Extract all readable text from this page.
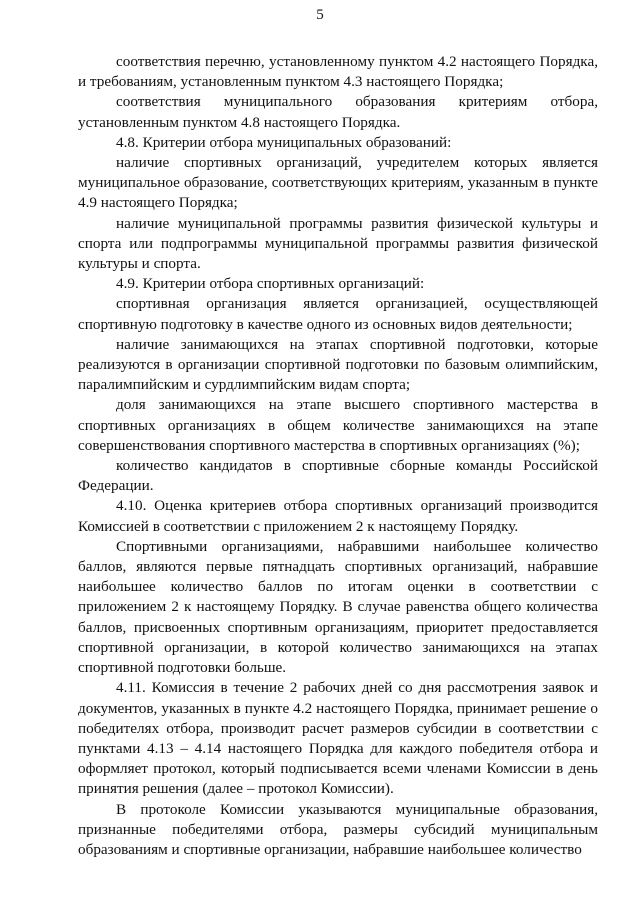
5

соответствия перечню, установленному пунктом 4.2 настоящего Порядка, и требованиям, установленным пунктом 4.3 настоящего Порядка;

соответствия муниципального образования критериям отбора, установленным пунктом 4.8 настоящего Порядка.

4.8. Критерии отбора муниципальных образований:

наличие спортивных организаций, учредителем которых является муниципальное образование, соответствующих критериям, указанным в пункте 4.9 настоящего Порядка;

наличие муниципальной программы развития физической культуры и спорта или подпрограммы муниципальной программы развития физической культуры и спорта.

4.9. Критерии отбора спортивных организаций:

спортивная организация является организацией, осуществляющей спортивную подготовку в качестве одного из основных видов деятельности;

наличие занимающихся на этапах спортивной подготовки, которые реализуются в организации спортивной подготовки по базовым олимпийским, паралимпийским и сурдлимпийским видам спорта;

доля занимающихся на этапе высшего спортивного мастерства в спортивных организациях в общем количестве занимающихся на этапе совершенствования спортивного мастерства в спортивных организациях (%);

количество кандидатов в спортивные сборные команды Российской Федерации.

4.10. Оценка критериев отбора спортивных организаций производится Комиссией в соответствии с приложением 2 к настоящему Порядку.

Спортивными организациями, набравшими наибольшее количество баллов, являются первые пятнадцать спортивных организаций, набравшие наибольшее количество баллов по итогам оценки в соответствии с приложением 2 к настоящему Порядку. В случае равенства общего количества баллов, присвоенных спортивным организациям, приоритет предоставляется спортивной организации, в которой количество занимающихся на этапах спортивной подготовки больше.

4.11. Комиссия в течение 2 рабочих дней со дня рассмотрения заявок и документов, указанных в пункте 4.2 настоящего Порядка, принимает решение о победителях отбора, производит расчет размеров субсидии в соответствии с пунктами 4.13 – 4.14 настоящего Порядка для каждого победителя отбора и оформляет протокол, который подписывается всеми членами Комиссии в день принятия решения (далее – протокол Комиссии).

В протоколе Комиссии указываются муниципальные образования, признанные победителями отбора, размеры субсидий муниципальным образованиям и спортивные организации, набравшие наибольшее количество
